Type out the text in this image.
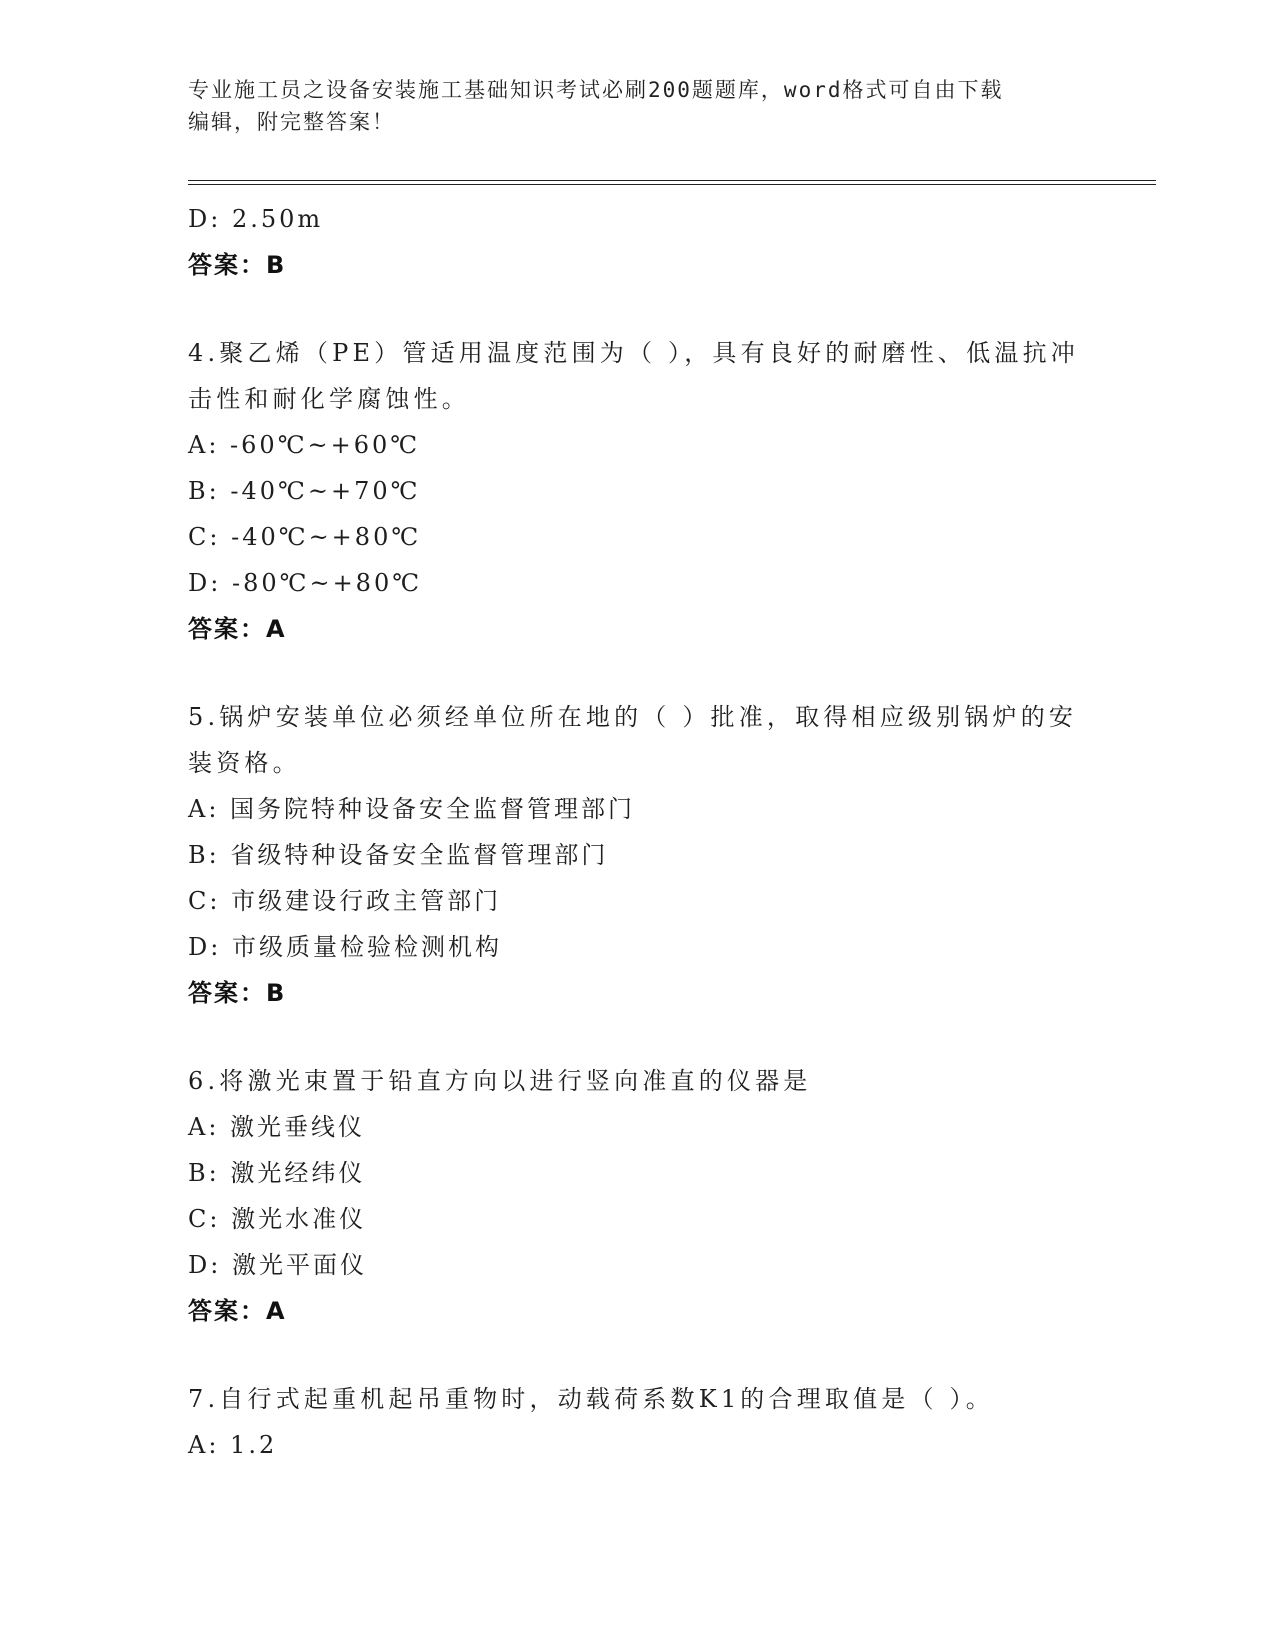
专业施工员之设备安装施工基础知识考试必刷200题题库，word格式可自由下载
编辑，附完整答案！
D: 2.50m
答案：B
4.聚乙烯（PE）管适用温度范围为（ ），具有良好的耐磨性、低温抗冲击性和耐化学腐蚀性。
A: -60℃~+60℃
B: -40℃~+70℃
C: -40℃~+80℃
D: -80℃~+80℃
答案：A
5.锅炉安装单位必须经单位所在地的（ ）批准，取得相应级别锅炉的安装资格。
A: 国务院特种设备安全监督管理部门
B: 省级特种设备安全监督管理部门
C: 市级建设行政主管部门
D: 市级质量检验检测机构
答案：B
6.将激光束置于铅直方向以进行竖向准直的仪器是
A: 激光垂线仪
B: 激光经纬仪
C: 激光水准仪
D: 激光平面仪
答案：A
7.自行式起重机起吊重物时，动载荷系数K1的合理取值是（ ）。
A: 1.2
